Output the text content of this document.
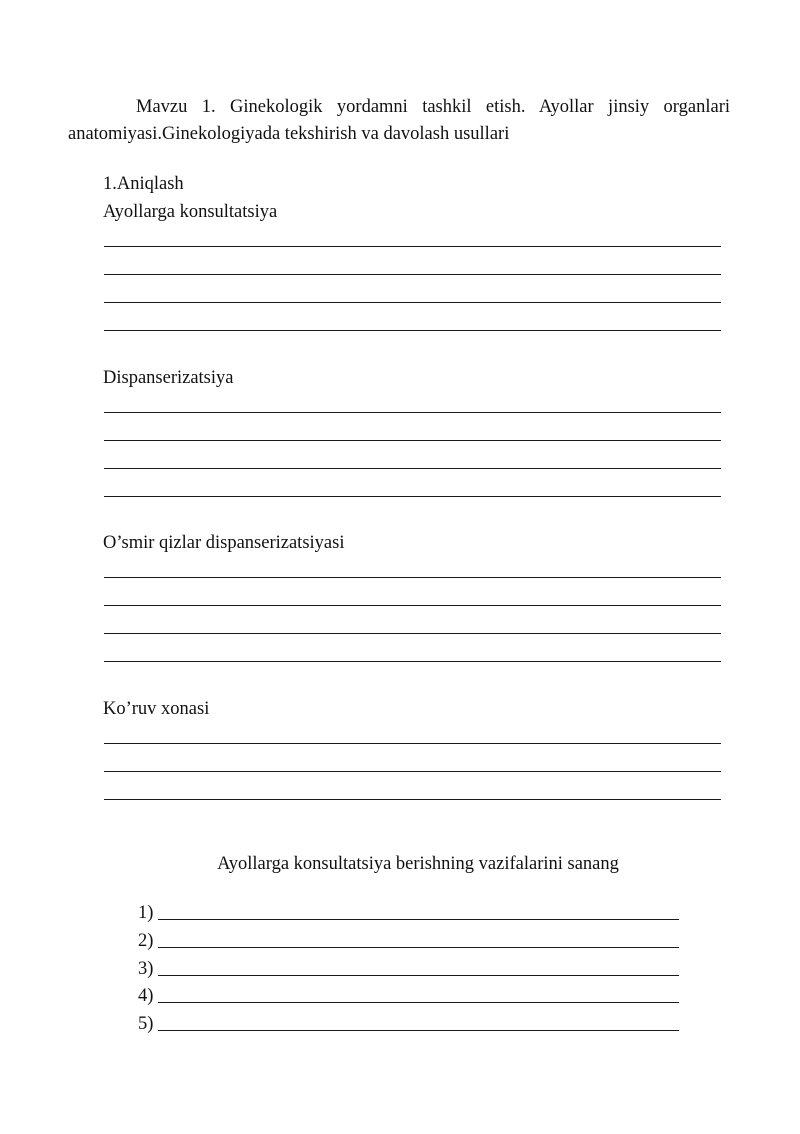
Mavzu 1. Ginekologik yordamni tashkil etish. Ayollar jinsiy organlari
anatomiyasi.Ginekologiyada tekshirish va davolash usullari
1.Aniqlash
Ayollarga konsultatsiya
Dispanserizatsiya
O’smir qizlar dispanserizatsiyasi
Ko’ruv xonasi
Ayollarga konsultatsiya berishning vazifalarini sanang
1)
2)
3)
4)
5)
